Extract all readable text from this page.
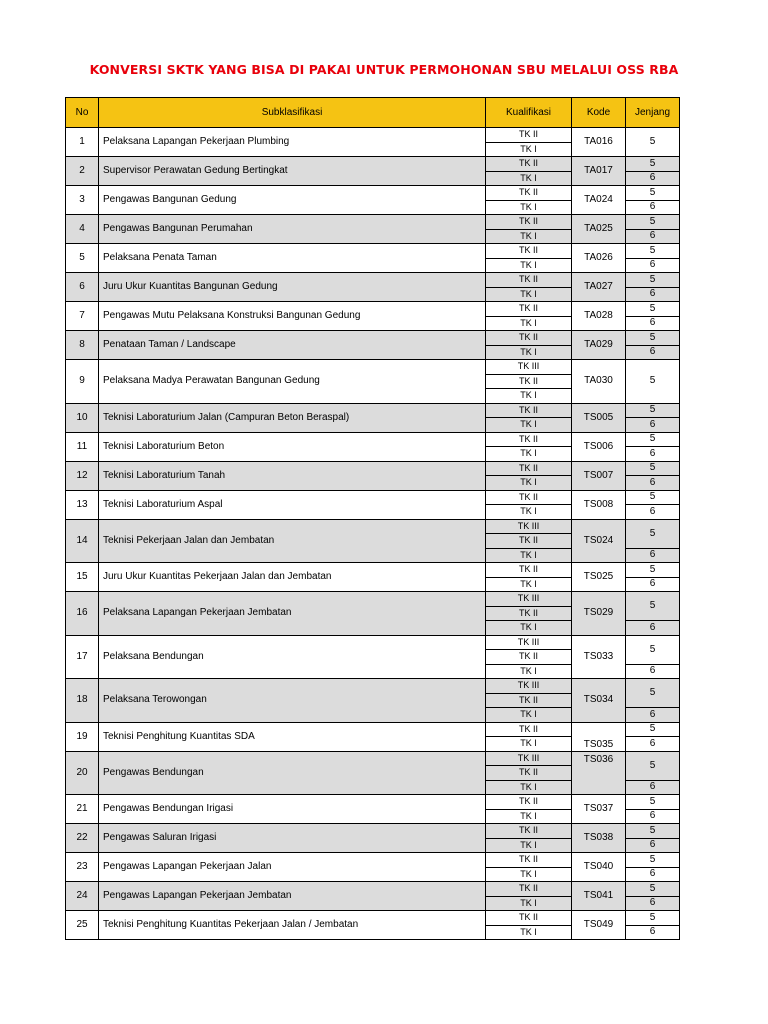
KONVERSI SKTK YANG BISA DI PAKAI UNTUK PERMOHONAN SBU MELALUI OSS RBA
No	Subklasifikasi	Kualifikasi	Kode	Jenjang
1	Pelaksana Lapangan Pekerjaan Plumbing	TK II	TA016	5
		TK I		
2	Supervisor Perawatan Gedung Bertingkat	TK II	TA017	5
		TK I		6
3	Pengawas Bangunan Gedung	TK II	TA024	5
		TK I		6
4	Pengawas Bangunan Perumahan	TK II	TA025	5
		TK I		6
5	Pelaksana Penata Taman	TK II	TA026	5
		TK I		6
6	Juru Ukur Kuantitas Bangunan Gedung	TK II	TA027	5
		TK I		6
7	Pengawas Mutu Pelaksana Konstruksi Bangunan Gedung	TK II	TA028	5
		TK I		6
8	Penataan Taman / Landscape	TK II	TA029	5
		TK I		6
9	Pelaksana Madya Perawatan Bangunan Gedung	TK III	TA030	5
		TK II		
		TK I		
10	Teknisi Laboraturium Jalan (Campuran Beton Beraspal)	TK II	TS005	5
		TK I		6
11	Teknisi Laboraturium Beton	TK II	TS006	5
		TK I		6
12	Teknisi Laboraturium Tanah	TK II	TS007	5
		TK I		6
13	Teknisi Laboraturium Aspal	TK II	TS008	5
		TK I		6
14	Teknisi Pekerjaan Jalan dan Jembatan	TK III	TS024	5
		TK II		
		TK I		6
15	Juru Ukur Kuantitas Pekerjaan Jalan dan Jembatan	TK II	TS025	5
		TK I		6
16	Pelaksana Lapangan Pekerjaan Jembatan	TK III	TS029	5
		TK II		
		TK I		6
17	Pelaksana Bendungan	TK III	TS033	5
		TK II		
		TK I		6
18	Pelaksana Terowongan	TK III	TS034	5
		TK II		
		TK I		6
19	Teknisi Penghitung Kuantitas SDA	TK II	TS035	5
		TK I		6
20	Pengawas Bendungan	TK III	TS036	5
		TK II		
		TK I		6
21	Pengawas Bendungan Irigasi	TK II	TS037	5
		TK I		6
22	Pengawas Saluran Irigasi	TK II	TS038	5
		TK I		6
23	Pengawas Lapangan Pekerjaan Jalan	TK II	TS040	5
		TK I		6
24	Pengawas Lapangan Pekerjaan Jembatan	TK II	TS041	5
		TK I		6
25	Teknisi Penghitung Kuantitas Pekerjaan Jalan / Jembatan	TK II	TS049	5
		TK I		6
